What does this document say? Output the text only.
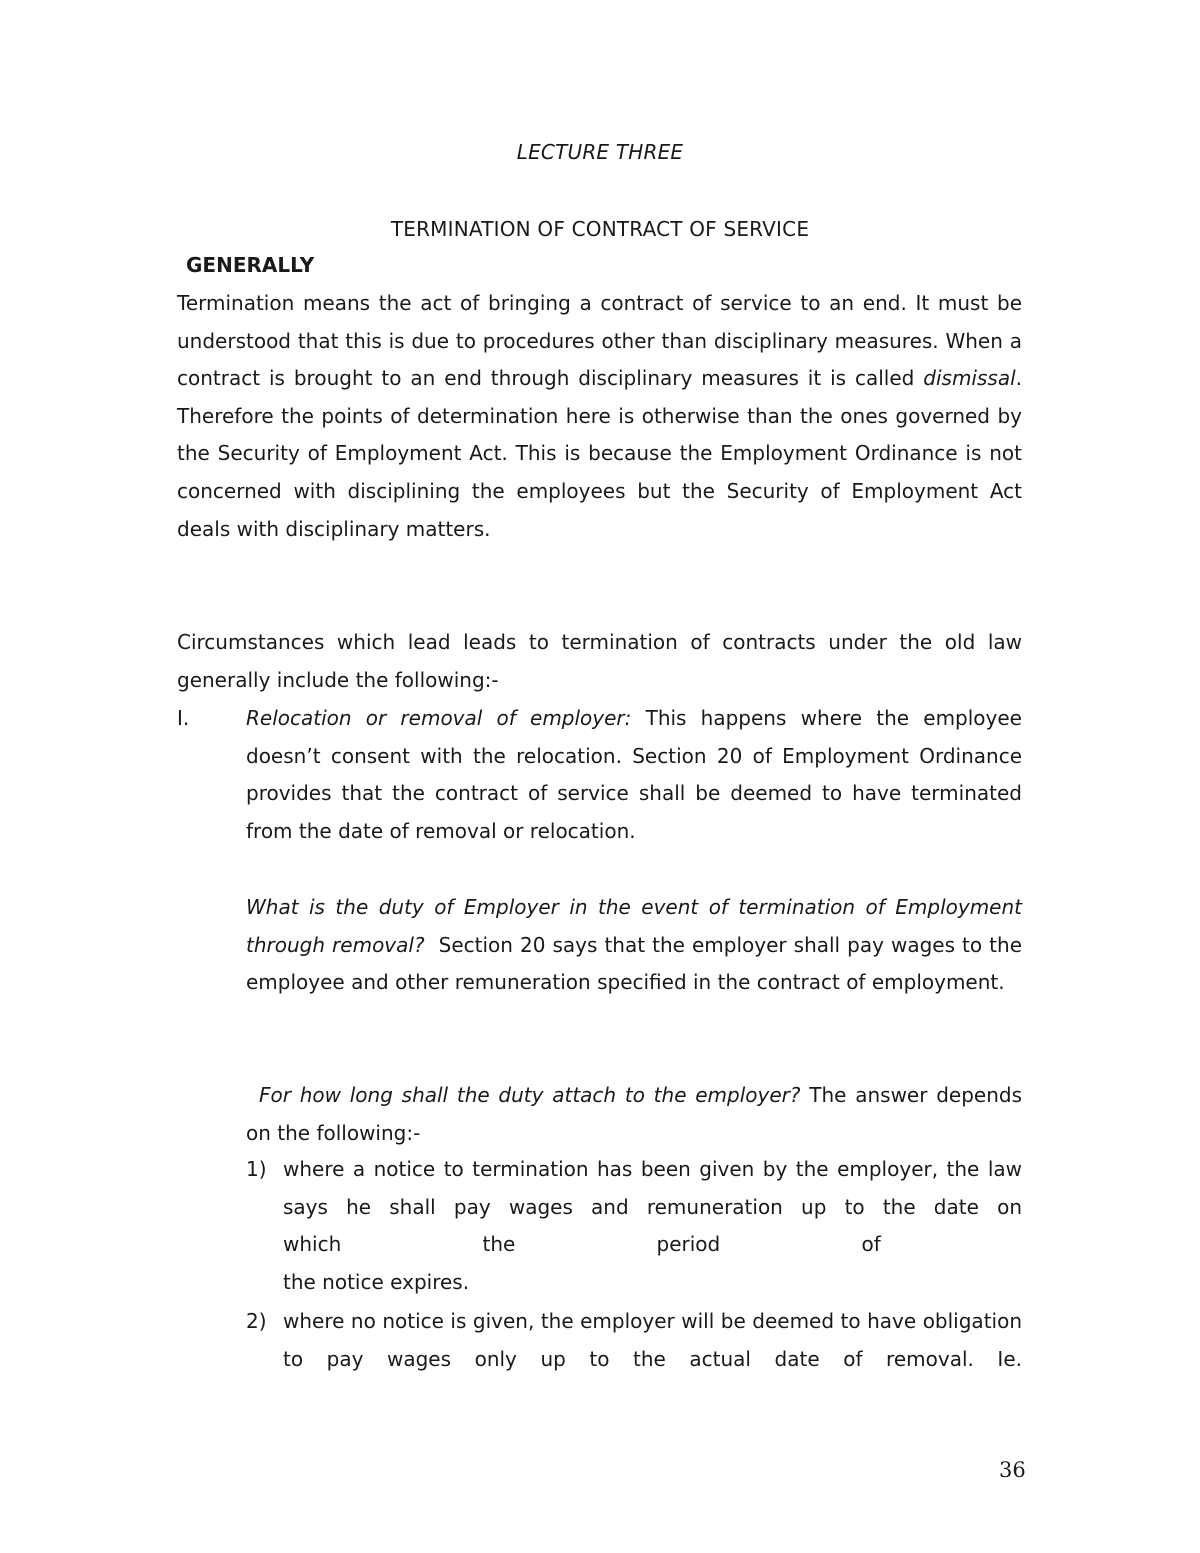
LECTURE THREE
TERMINATION OF CONTRACT OF SERVICE
GENERALLY

Termination means the act of bringing a contract of service to an end. It must be understood that this is due to procedures other than disciplinary measures. When a contract is brought to an end through disciplinary measures it is called dismissal. Therefore the points of determination here is otherwise than the ones governed by the Security of Employment Act. This is because the Employment Ordinance is not concerned with disciplining the employees but the Security of Employment Act deals with disciplinary matters.

Circumstances which lead leads to termination of contracts under the old law generally include the following:-

I.	Relocation or removal of employer: This happens where the employee doesn’t consent with the relocation. Section 20 of Employment Ordinance provides that the contract of service shall be deemed to have terminated from the date of removal or relocation.

What is the duty of Employer in the event of termination of Employment through removal?  Section 20 says that the employer shall pay wages to the employee and other remuneration specified in the contract of employment.

For how long shall the duty attach to the employer? The answer depends on the following:-

1) where a notice to termination has been given by the employer, the law says he shall pay wages and remuneration up to the date on
which	the	period	of
the notice expires.
2) where no notice is given, the employer will be deemed to have obligation to pay wages only up to the actual date of removal. Ie.

36
